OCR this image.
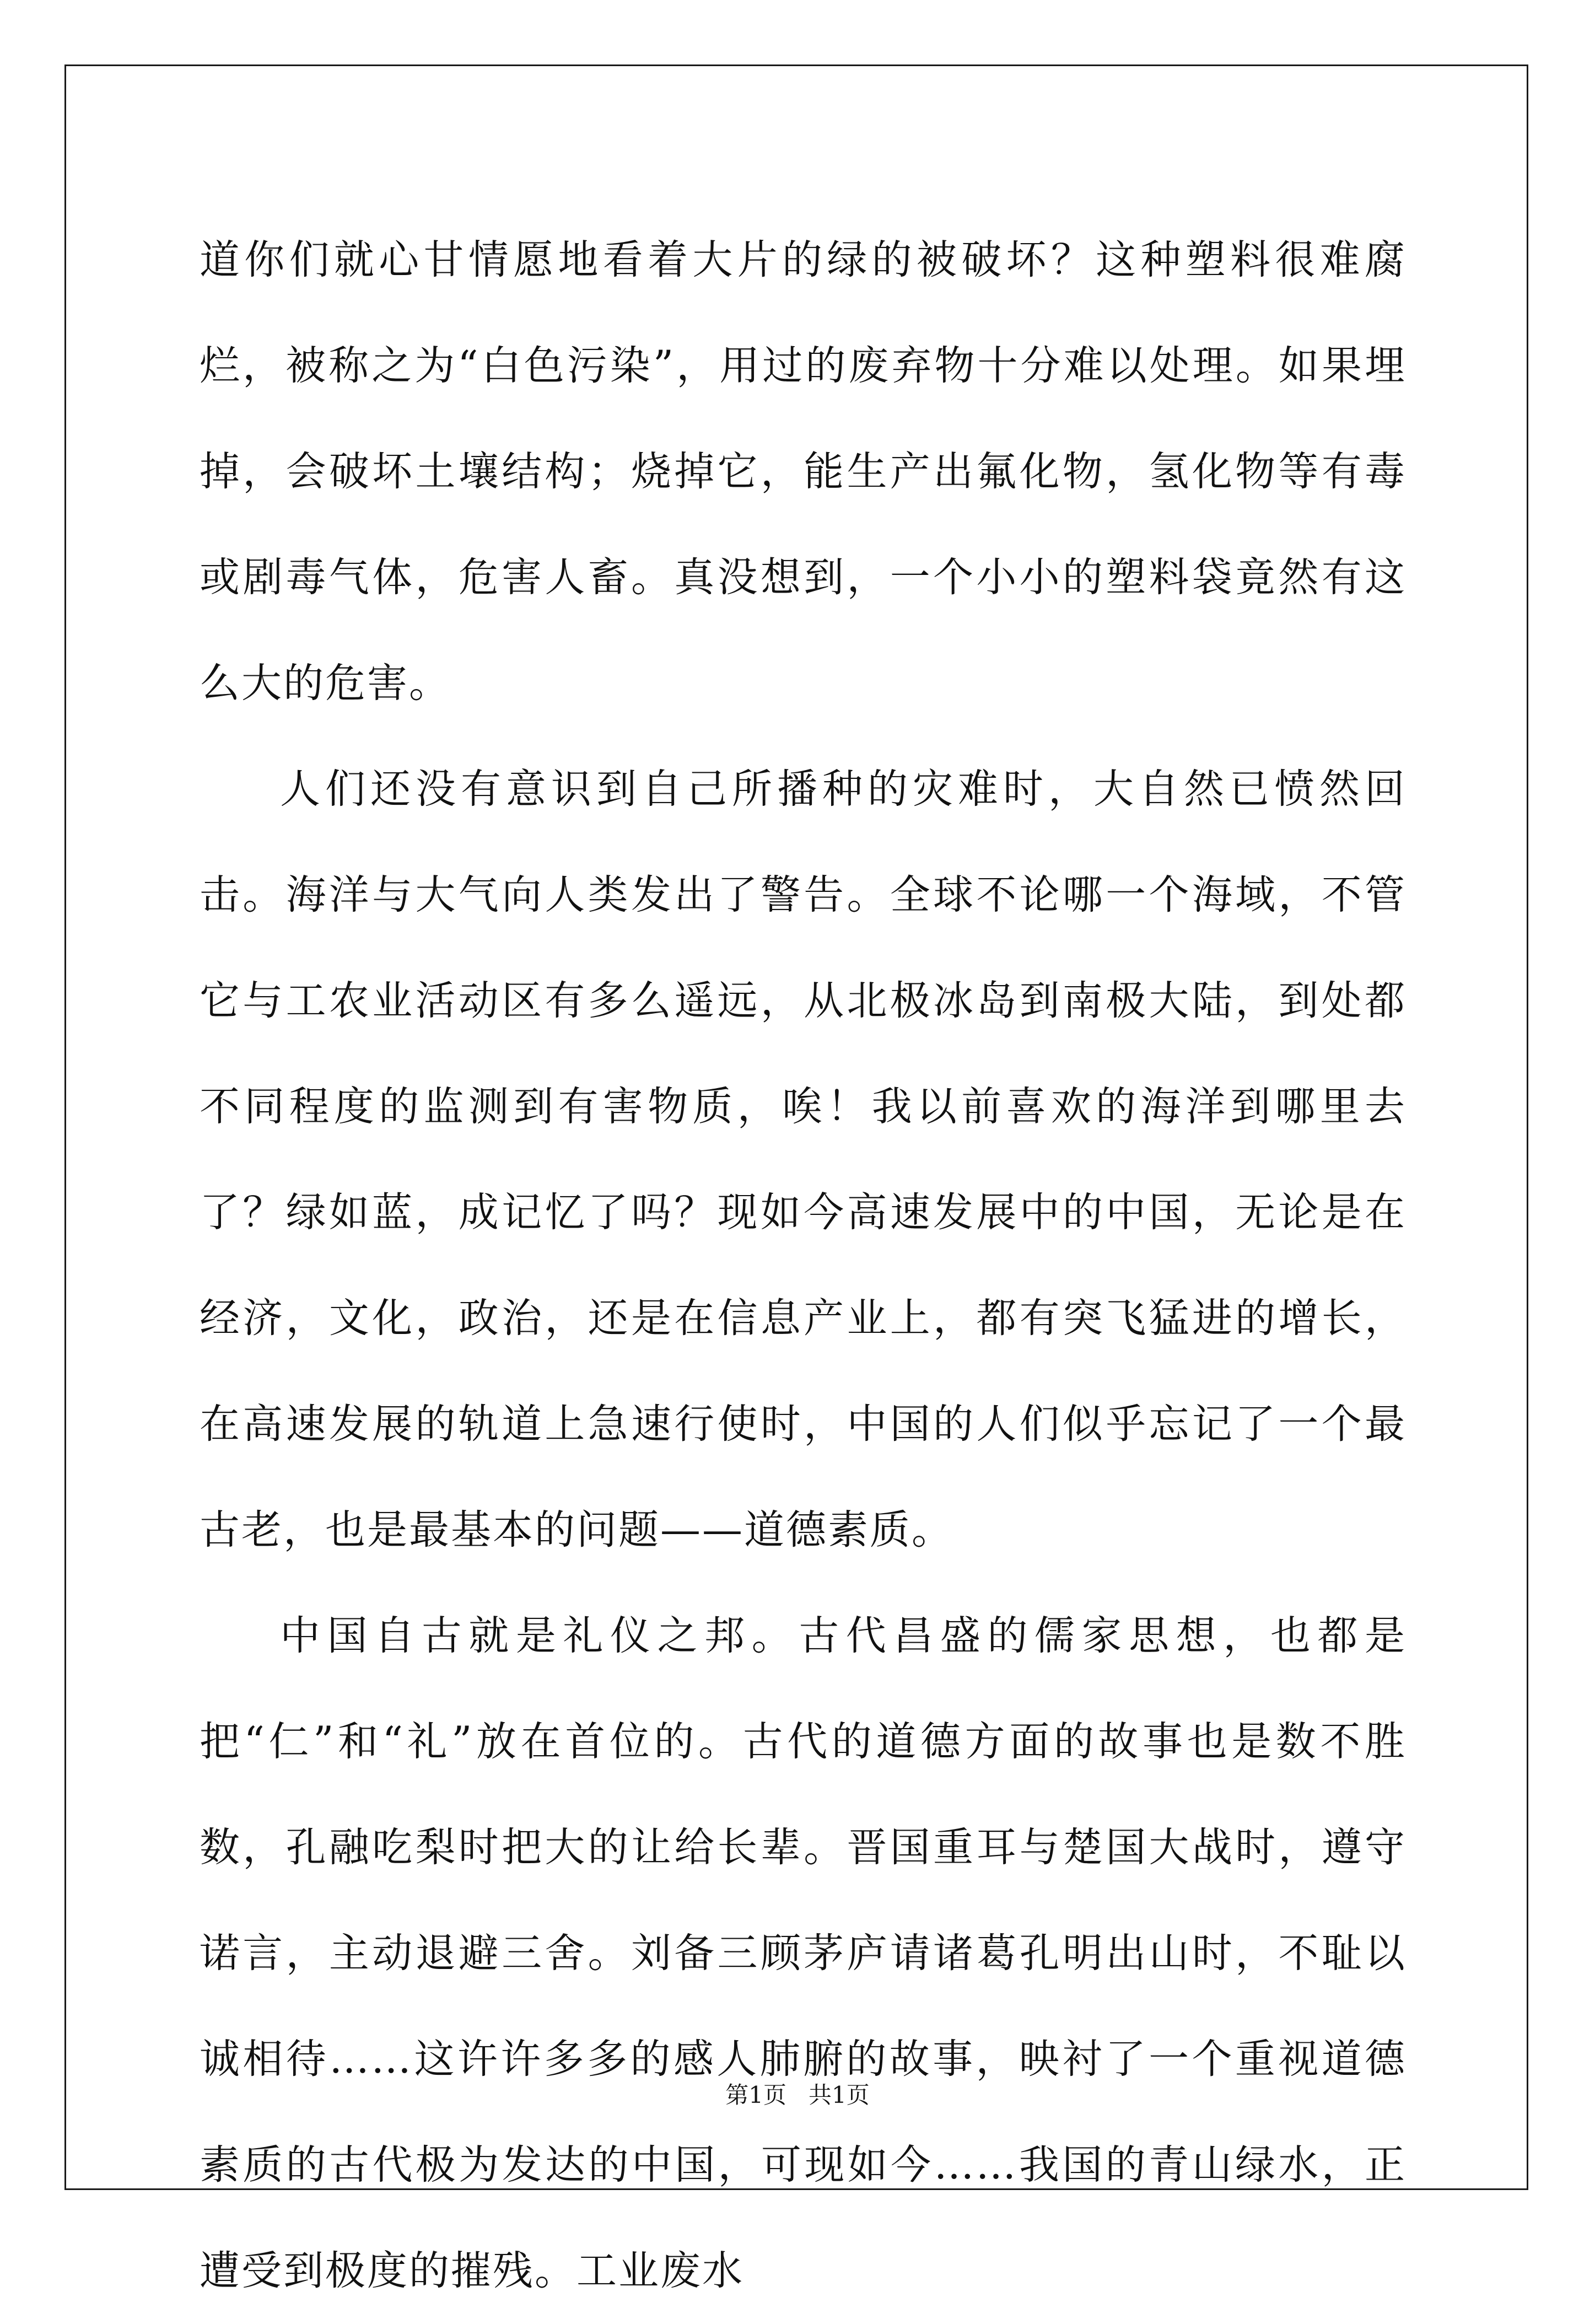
道你们就心甘情愿地看着大片的绿的被破坏？这种塑料很难腐烂，被称之为“白色污染”，用过的废弃物十分难以处理。如果埋掉，会破坏土壤结构；烧掉它，能生产出氟化物，氢化物等有毒或剧毒气体，危害人畜。真没想到，一个小小的塑料袋竟然有这么大的危害。

人们还没有意识到自己所播种的灾难时，大自然已愤然回击。海洋与大气向人类发出了警告。全球不论哪一个海域，不管它与工农业活动区有多么遥远，从北极冰岛到南极大陆，到处都不同程度的监测到有害物质，唉！我以前喜欢的海洋到哪里去了？绿如蓝，成记忆了吗？现如今高速发展中的中国，无论是在经济，文化，政治，还是在信息产业上，都有突飞猛进的增长，在高速发展的轨道上急速行使时，中国的人们似乎忘记了一个最古老，也是最基本的问题——道德素质。

中国自古就是礼仪之邦。古代昌盛的儒家思想，也都是把“仁”和“礼”放在首位的。古代的道德方面的故事也是数不胜数，孔融吃梨时把大的让给长辈。晋国重耳与楚国大战时，遵守诺言，主动退避三舍。刘备三顾茅庐请诸葛孔明出山时，不耻以诚相待……这许许多多的感人肺腑的故事，映衬了一个重视道德素质的古代极为发达的中国，可现如今……我国的青山绿水，正遭受到极度的摧残。工业废水

第1页 共1页
